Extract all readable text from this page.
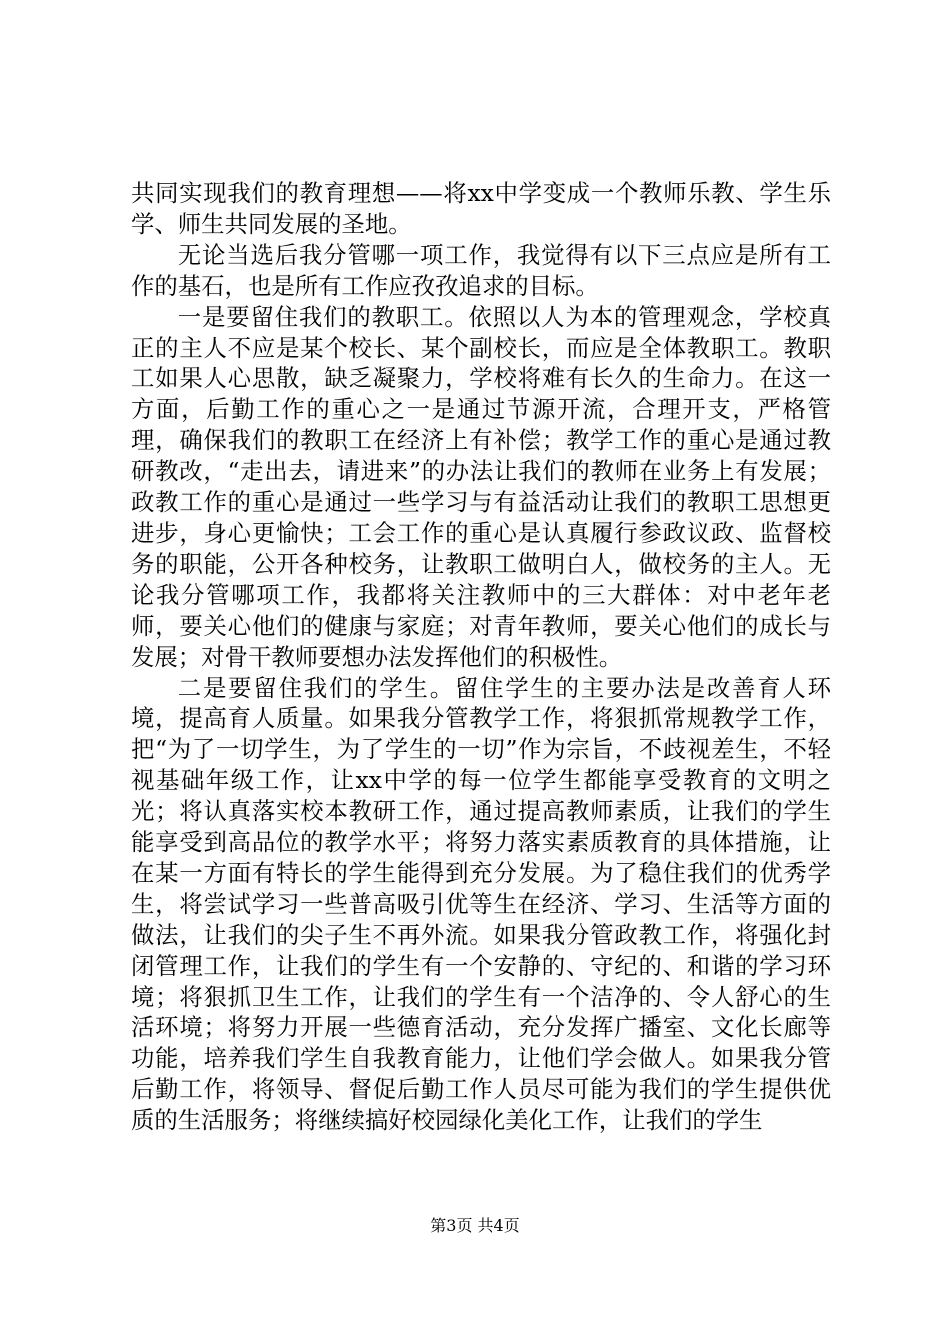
共同实现我们的教育理想——将xx中学变成一个教师乐教、学生乐学、师生共同发展的圣地。

无论当选后我分管哪一项工作，我觉得有以下三点应是所有工作的基石，也是所有工作应孜孜追求的目标。

一是要留住我们的教职工。依照以人为本的管理观念，学校真正的主人不应是某个校长、某个副校长，而应是全体教职工。教职工如果人心思散，缺乏凝聚力，学校将难有长久的生命力。在这一方面，后勤工作的重心之一是通过节源开流，合理开支，严格管理，确保我们的教职工在经济上有补偿；教学工作的重心是通过教研教改，“走出去，请进来”的办法让我们的教师在业务上有发展；政教工作的重心是通过一些学习与有益活动让我们的教职工思想更进步，身心更愉快；工会工作的重心是认真履行参政议政、监督校务的职能，公开各种校务，让教职工做明白人，做校务的主人。无论我分管哪项工作，我都将关注教师中的三大群体：对中老年老师，要关心他们的健康与家庭；对青年教师，要关心他们的成长与发展；对骨干教师要想办法发挥他们的积极性。

二是要留住我们的学生。留住学生的主要办法是改善育人环境，提高育人质量。如果我分管教学工作，将狠抓常规教学工作，把“为了一切学生，为了学生的一切”作为宗旨，不歧视差生，不轻视基础年级工作，让xx中学的每一位学生都能享受教育的文明之光；将认真落实校本教研工作，通过提高教师素质，让我们的学生能享受到高品位的教学水平；将努力落实素质教育的具体措施，让在某一方面有特长的学生能得到充分发展。为了稳住我们的优秀学生，将尝试学习一些普高吸引优等生在经济、学习、生活等方面的做法，让我们的尖子生不再外流。如果我分管政教工作，将强化封闭管理工作，让我们的学生有一个安静的、守纪的、和谐的学习环境；将狠抓卫生工作，让我们的学生有一个洁净的、令人舒心的生活环境；将努力开展一些德育活动，充分发挥广播室、文化长廊等功能，培养我们学生自我教育能力，让他们学会做人。如果我分管后勤工作，将领导、督促后勤工作人员尽可能为我们的学生提供优质的生活服务；将继续搞好校园绿化美化工作，让我们的学生

第3页 共4页
